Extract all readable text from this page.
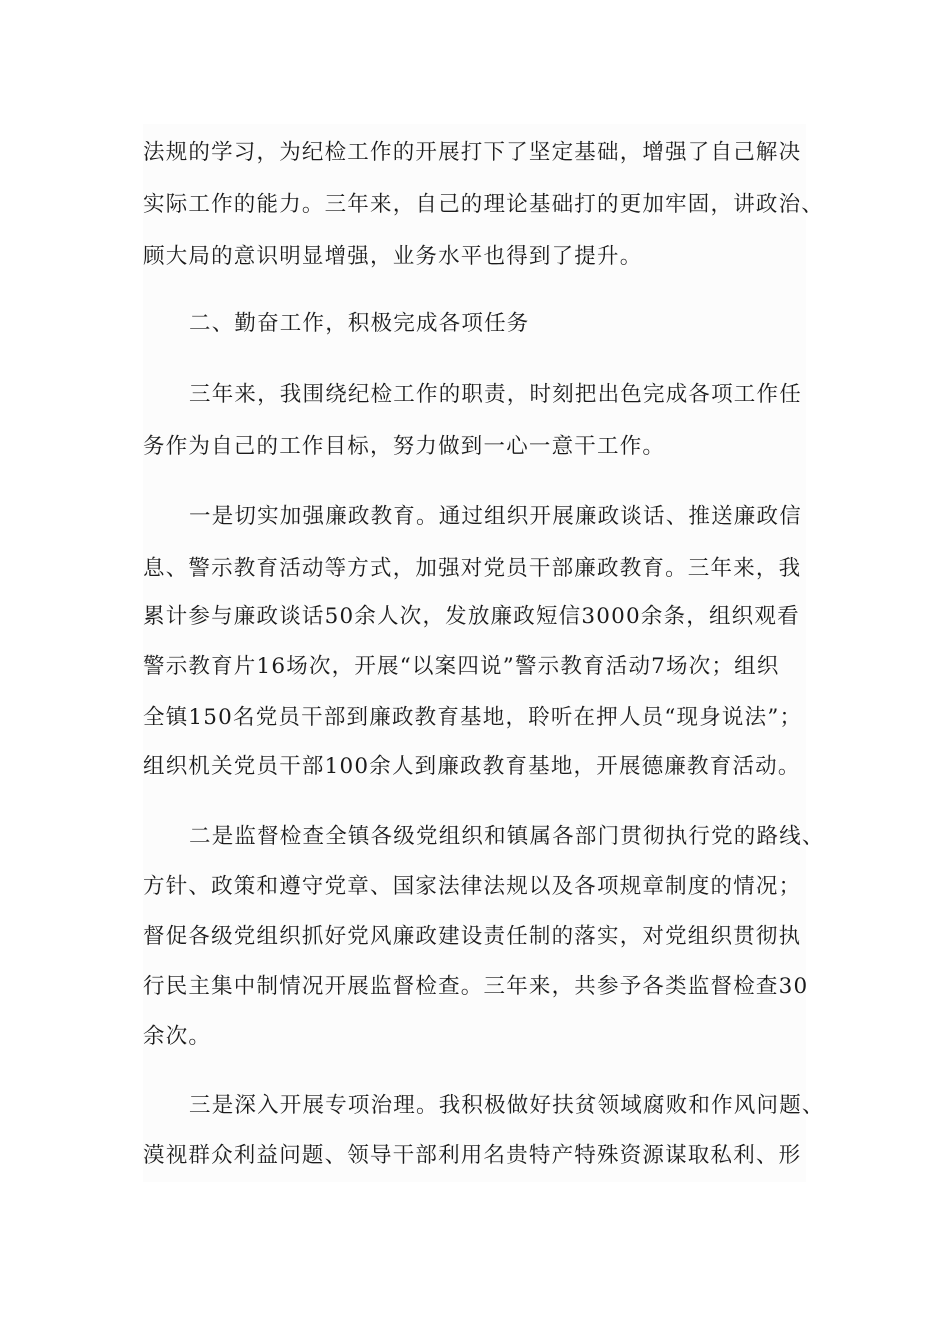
法规的学习，为纪检工作的开展打下了坚定基础，增强了自己解决
实际工作的能力。三年来，自己的理论基础打的更加牢固，讲政治、
顾大局的意识明显增强，业务水平也得到了提升。
二、勤奋工作，积极完成各项任务
三年来，我围绕纪检工作的职责，时刻把出色完成各项工作任
务作为自己的工作目标，努力做到一心一意干工作。
一是切实加强廉政教育。通过组织开展廉政谈话、推送廉政信
息、警示教育活动等方式，加强对党员干部廉政教育。三年来，我
累计参与廉政谈话50余人次，发放廉政短信3000余条，组织观看
警示教育片16场次，开展“以案四说”警示教育活动7场次；组织
全镇150名党员干部到廉政教育基地，聆听在押人员“现身说法”；
组织机关党员干部100余人到廉政教育基地，开展德廉教育活动。
二是监督检查全镇各级党组织和镇属各部门贯彻执行党的路线、
方针、政策和遵守党章、国家法律法规以及各项规章制度的情况；
督促各级党组织抓好党风廉政建设责任制的落实，对党组织贯彻执
行民主集中制情况开展监督检查。三年来，共参予各类监督检查30
余次。
三是深入开展专项治理。我积极做好扶贫领域腐败和作风问题、
漠视群众利益问题、领导干部利用名贵特产特殊资源谋取私利、形
